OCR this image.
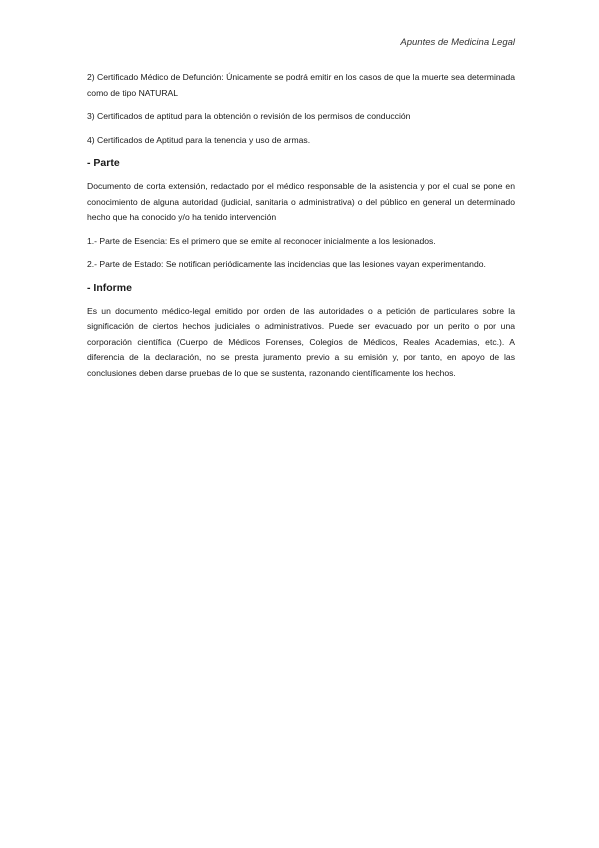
Apuntes de Medicina Legal

2) Certificado Médico de Defunción: Únicamente se podrá emitir en los casos de que la muerte sea determinada como de tipo NATURAL

3) Certificados de aptitud para la obtención o revisión de los permisos de conducción

4) Certificados de Aptitud para la tenencia y uso de armas.

- Parte

Documento de corta extensión, redactado por el médico responsable de la asistencia y por el cual se pone en conocimiento de alguna autoridad (judicial, sanitaria o administrativa) o del público en general un determinado hecho que ha conocido y/o ha tenido intervención

1.- Parte de Esencia: Es el primero que se emite al reconocer inicialmente a los lesionados.

2.- Parte de Estado: Se notifican periódicamente las incidencias que las lesiones vayan experimentando.

- Informe

Es un documento médico-legal emitido por orden de las autoridades o a petición de particulares sobre la significación de ciertos hechos judiciales o administrativos. Puede ser evacuado por un perito o por una corporación científica (Cuerpo de Médicos Forenses, Colegios de Médicos, Reales Academias, etc.). A diferencia de la declaración, no se presta juramento previo a su emisión y, por tanto, en apoyo de las conclusiones deben darse pruebas de lo que se sustenta, razonando científicamente los hechos.
